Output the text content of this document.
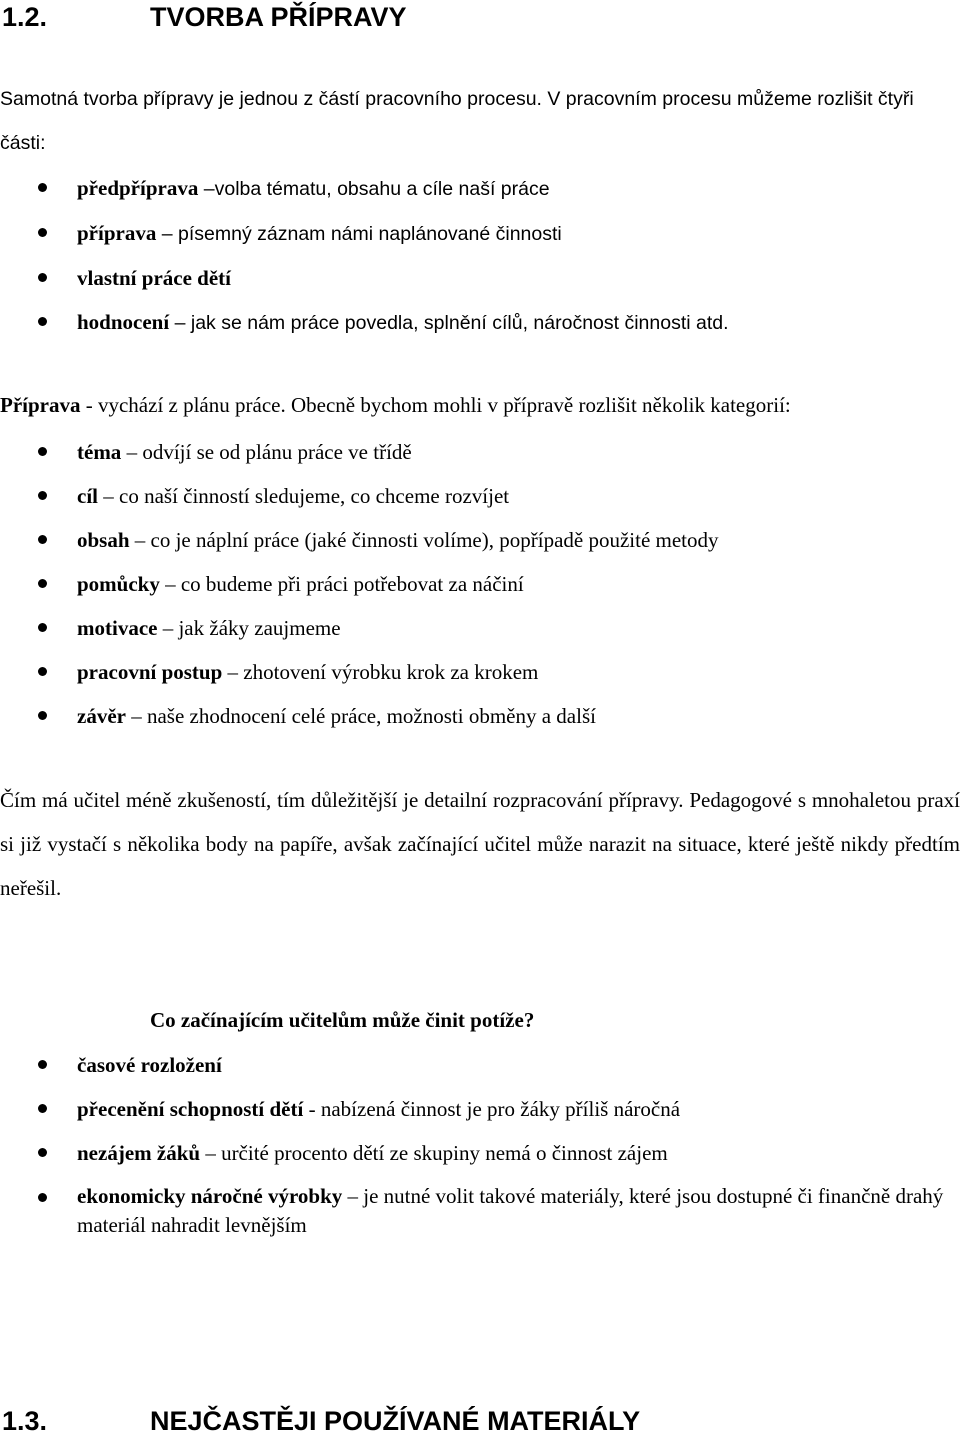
1.2.	TVORBA PŘÍPRAVY

Samotná tvorba přípravy je jednou z částí pracovního procesu. V pracovním procesu můžeme rozlišit čtyři části:

předpříprava –volba tématu, obsahu a cíle naší práce
příprava – písemný záznam námi naplánované činnosti
vlastní práce dětí
hodnocení – jak se nám práce povedla, splnění cílů, náročnost činnosti atd.

Příprava - vychází z plánu práce. Obecně bychom mohli v přípravě rozlišit několik kategorií:

téma – odvíjí se od plánu práce ve třídě
cíl – co naší činností sledujeme, co chceme rozvíjet
obsah – co je náplní práce (jaké činnosti volíme), popřípadě použité metody
pomůcky – co budeme při práci potřebovat za náčiní
motivace – jak žáky zaujmeme
pracovní postup – zhotovení výrobku krok za krokem
závěr – naše zhodnocení celé práce, možnosti obměny a další

Čím má učitel méně zkušeností, tím důležitější je detailní rozpracování přípravy. Pedagogové s mnohaletou praxí si již vystačí s několika body na papíře, avšak začínající učitel může narazit na situace, které ještě nikdy předtím neřešil.

Co začínajícím učitelům může činit potíže?

časové rozložení
přecenění schopností dětí - nabízená činnost je pro žáky příliš náročná
nezájem žáků – určité procento dětí ze skupiny nemá o činnost zájem
ekonomicky náročné výrobky – je nutné volit takové materiály, které jsou dostupné či finančně drahý materiál nahradit levnějším
1.3.	NEJČASTĚJI POUŽÍVANÉ MATERIÁLY
